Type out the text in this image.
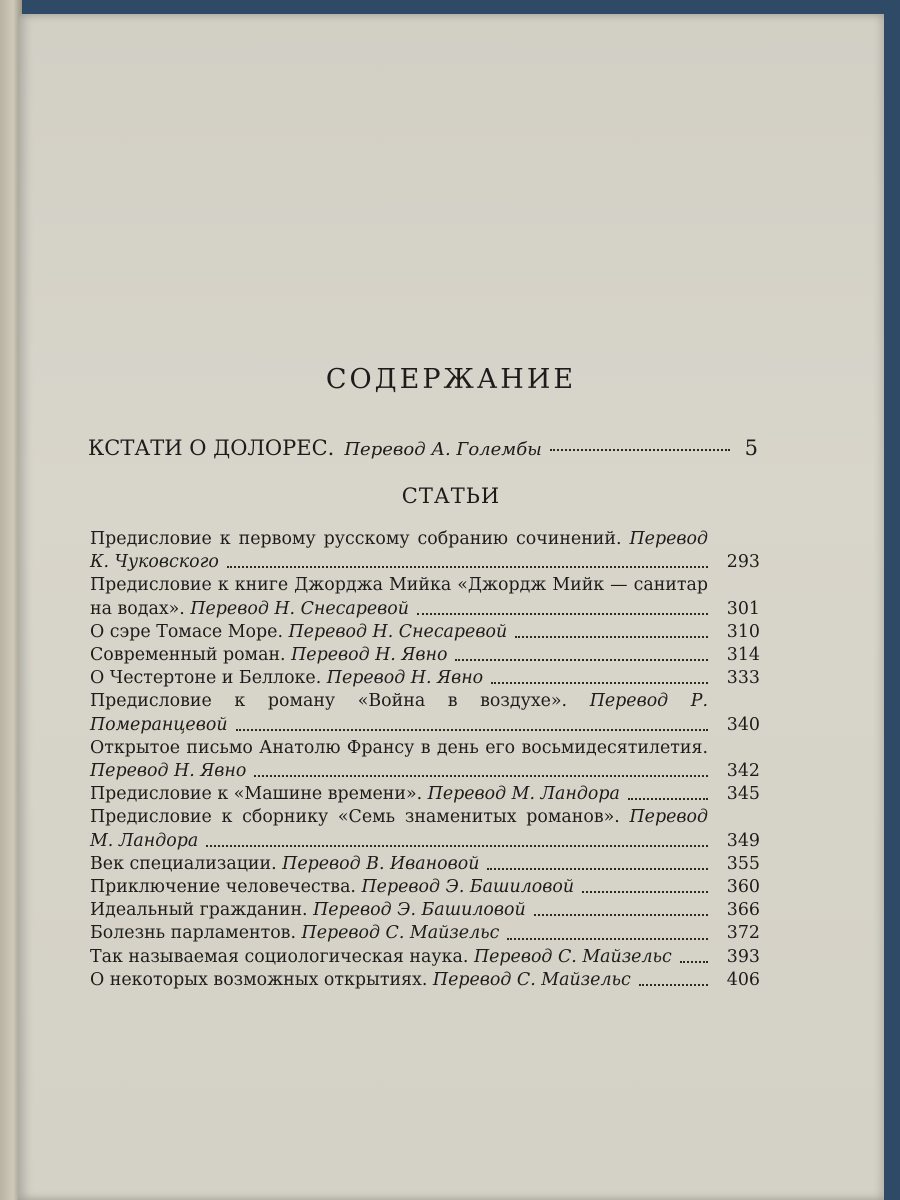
СОДЕРЖАНИЕ
КСТАТИ О ДОЛОРЕС. Перевод А. Голембы	5
СТАТЬИ
Предисловие к первому русскому собранию сочинений. Перевод К. Чуковского	293
Предисловие к книге Джорджа Мийка «Джордж Мийк — санитар на водах». Перевод Н. Снесаревой	301
О сэре Томасе Море. Перевод Н. Снесаревой	310
Современный роман. Перевод Н. Явно	314
О Честертоне и Беллоке. Перевод Н. Явно	333
Предисловие к роману «Война в воздухе». Перевод Р. Померанцевой	340
Открытое письмо Анатолю Франсу в день его восьмидесятилетия. Перевод Н. Явно	342
Предисловие к «Машине времени». Перевод М. Ландора	345
Предисловие к сборнику «Семь знаменитых романов». Перевод М. Ландора	349
Век специализации. Перевод В. Ивановой	355
Приключение человечества. Перевод Э. Башиловой	360
Идеальный гражданин. Перевод Э. Башиловой	366
Болезнь парламентов. Перевод С. Майзельс	372
Так называемая социологическая наука. Перевод С. Майзельс	393
О некоторых возможных открытиях. Перевод С. Майзельс	406
